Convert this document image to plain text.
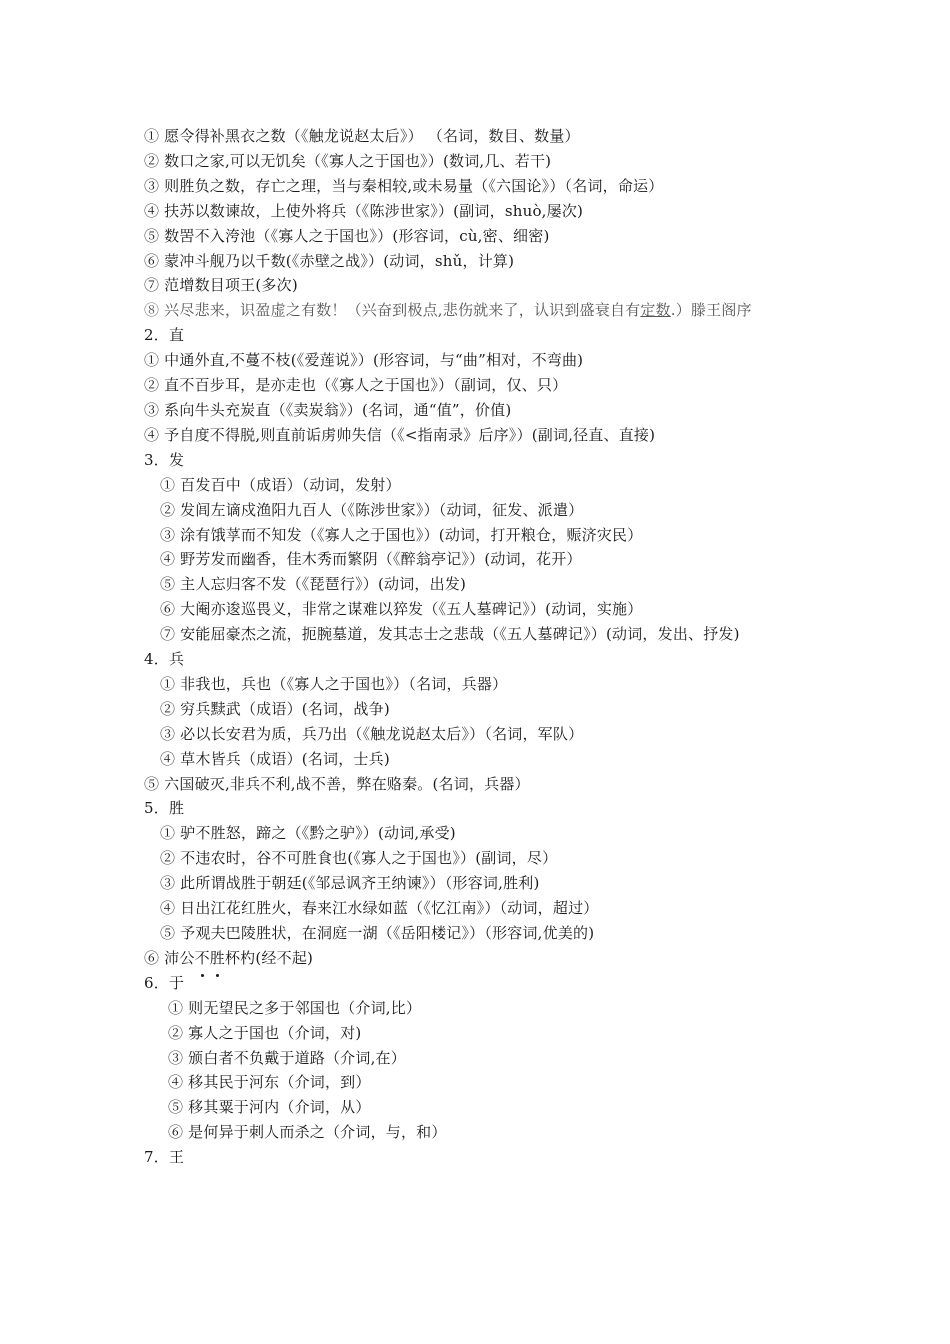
① 愿令得补黑衣之数（《触龙说赵太后》） （名词，数目、数量）
② 数口之家,可以无饥矣（《寡人之于国也》）(数词,几、若干)
③ 则胜负之数，存亡之理，当与秦相较,或未易量（《六国论》）（名词，命运）
④ 扶苏以数谏故，上使外将兵（《陈涉世家》）(副词，shuò,屡次)
⑤ 数罟不入洿池（《寡人之于国也》）(形容词，cù,密、细密)
⑥ 蒙冲斗舰乃以千数(《赤壁之战》）(动词，shǔ，计算)
⑦ 范增数目项王(多次)
⑧ 兴尽悲来，识盈虚之有数！（兴奋到极点,悲伤就来了，认识到盛衰自有定数.）滕王阁序
2．直
① 中通外直,不蔓不枝(《爱莲说》）(形容词，与“曲”相对，不弯曲)
② 直不百步耳，是亦走也（《寡人之于国也》）（副词，仅、只）
③ 系向牛头充炭直（《卖炭翁》）(名词，通“值”，价值)
④ 予自度不得脱,则直前诟虏帅失信（《<指南录》后序》）(副词,径直、直接)
3．发
① 百发百中（成语）（动词，发射）
② 发闾左谪戍渔阳九百人（《陈涉世家》）（动词，征发、派遣）
③ 涂有饿莩而不知发（《寡人之于国也》）(动词，打开粮仓，赈济灾民）
④ 野芳发而幽香，佳木秀而繁阴（《醉翁亭记》）(动词，花开）
⑤ 主人忘归客不发（《琵琶行》）(动词，出发)
⑥ 大阉亦逡巡畏义，非常之谋难以猝发（《五人墓碑记》）(动词，实施）
⑦ 安能屈豪杰之流，扼腕墓道，发其志士之悲哉（《五人墓碑记》）(动词，发出、抒发)
4．兵
① 非我也，兵也（《寡人之于国也》）（名词，兵器）
② 穷兵黩武（成语）(名词，战争)
③ 必以长安君为质，兵乃出（《触龙说赵太后》）（名词，军队）
④ 草木皆兵（成语）(名词，士兵)
⑤ 六国破灭,非兵不利,战不善，弊在赂秦。(名词，兵器）
5．胜
① 驴不胜怒，蹄之（《黔之驴》）(动词,承受)
② 不违农时，谷不可胜食也(《寡人之于国也》）(副词，尽）
③ 此所谓战胜于朝廷(《邹忌讽齐王纳谏》）（形容词,胜利)
④ 日出江花红胜火，春来江水绿如蓝（《忆江南》）（动词，超过）
⑤ 予观夫巴陵胜状，在洞庭一湖（《岳阳楼记》）（形容词,优美的)
⑥ 沛公不胜杯杓(经不起)
6．于
① 则无望民之多于邻国也（介词,比）
② 寡人之于国也（介词，对)
③ 颁白者不负戴于道路（介词,在）
④ 移其民于河东（介词，到）
⑤ 移其粟于河内（介词，从）
⑥ 是何异于刺人而杀之（介词，与，和）
7．王
